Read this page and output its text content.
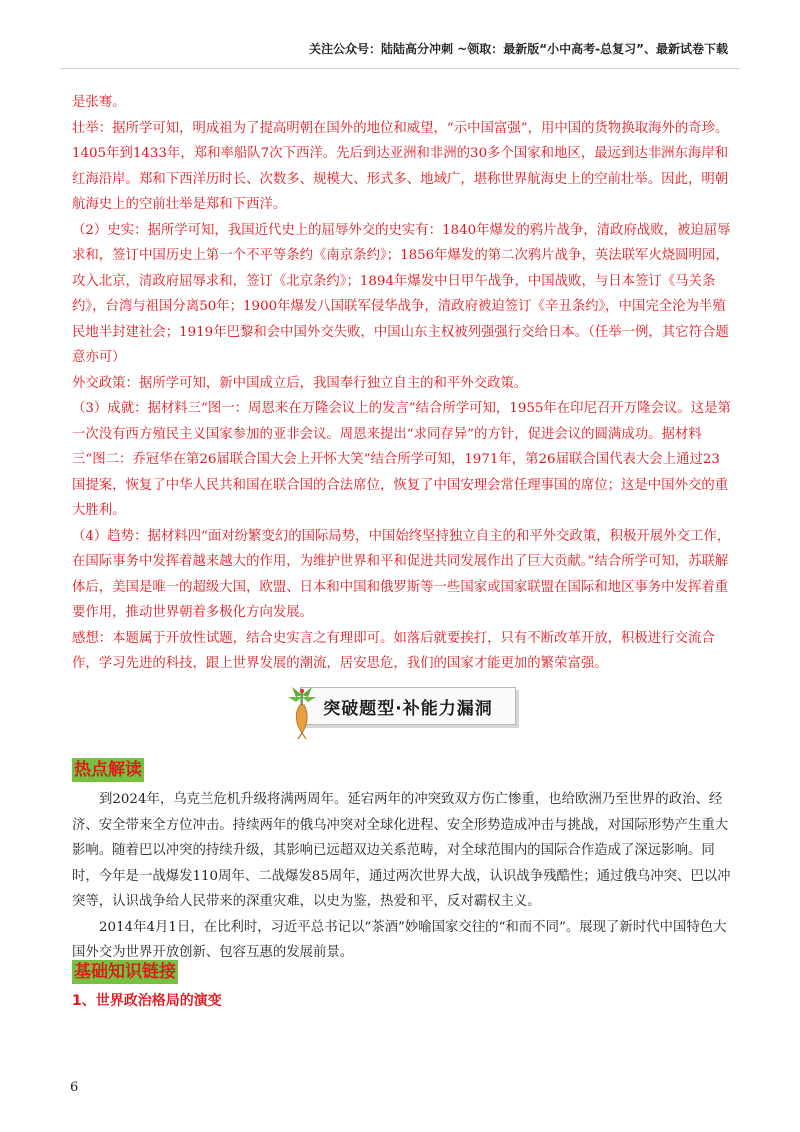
关注公众号：陆陆高分冲刺 ~领取：最新版“小中高考-总复习”、最新试卷下载

是张骞。

壮举：据所学可知，明成祖为了提高明朝在国外的地位和威望，“示中国富强”，用中国的货物换取海外的奇珍。1405年到1433年，郑和率船队7次下西洋。先后到达亚洲和非洲的30多个国家和地区，最远到达非洲东海岸和红海沿岸。郑和下西洋历时长、次数多、规模大、形式多、地域广，堪称世界航海史上的空前壮举。因此，明朝航海史上的空前壮举是郑和下西洋。

（2）史实：据所学可知，我国近代史上的屈辱外交的史实有：1840年爆发的鸦片战争，清政府战败，被迫屈辱求和，签订中国历史上第一个不平等条约《南京条约》；1856年爆发的第二次鸦片战争，英法联军火烧圆明园，攻入北京，清政府屈辱求和，签订《北京条约》；1894年爆发中日甲午战争，中国战败，与日本签订《马关条约》，台湾与祖国分离50年；1900年爆发八国联军侵华战争，清政府被迫签订《辛丑条约》，中国完全沦为半殖民地半封建社会；1919年巴黎和会中国外交失败，中国山东主权被列强强行交给日本。（任举一例，其它符合题意亦可）

外交政策：据所学可知，新中国成立后，我国奉行独立自主的和平外交政策。

（3）成就：据材料三“图一：周恩来在万隆会议上的发言”结合所学可知，1955年在印尼召开万隆会议。这是第一次没有西方殖民主义国家参加的亚非会议。周恩来提出“求同存异”的方针，促进会议的圆满成功。据材料三“图二：乔冠华在第26届联合国大会上开怀大笑”结合所学可知，1971年，第26届联合国代表大会上通过23国提案，恢复了中华人民共和国在联合国的合法席位，恢复了中国安理会常任理事国的席位；这是中国外交的重大胜利。

（4）趋势：据材料四“面对纷繁变幻的国际局势，中国始终坚持独立自主的和平外交政策，积极开展外交工作，在国际事务中发挥着越来越大的作用，为维护世界和平和促进共同发展作出了巨大贡献。”结合所学可知，苏联解体后，美国是唯一的超级大国，欧盟、日本和中国和俄罗斯等一些国家或国家联盟在国际和地区事务中发挥着重要作用，推动世界朝着多极化方向发展。

感想：本题属于开放性试题，结合史实言之有理即可。如落后就要挨打，只有不断改革开放，积极进行交流合作，学习先进的科技，跟上世界发展的潮流，居安思危，我们的国家才能更加的繁荣富强。

突破题型·补能力漏洞
热点解读

到2024年，乌克兰危机升级将满两周年。延宕两年的冲突致双方伤亡惨重，也给欧洲乃至世界的政治、经济、安全带来全方位冲击。持续两年的俄乌冲突对全球化进程、安全形势造成冲击与挑战，对国际形势产生重大影响。随着巴以冲突的持续升级，其影响已远超双边关系范畴，对全球范围内的国际合作造成了深远影响。同时，今年是一战爆发110周年、二战爆发85周年，通过两次世界大战，认识战争残酷性；通过俄乌冲突、巴以冲突等，认识战争给人民带来的深重灾难，以史为鉴，热爱和平，反对霸权主义。

2014年4月1日，在比利时，习近平总书记以“茶酒”妙喻国家交往的“和而不同”。展现了新时代中国特色大国外交为世界开放创新、包容互惠的发展前景。

基础知识链接
1、世界政治格局的演变
6
